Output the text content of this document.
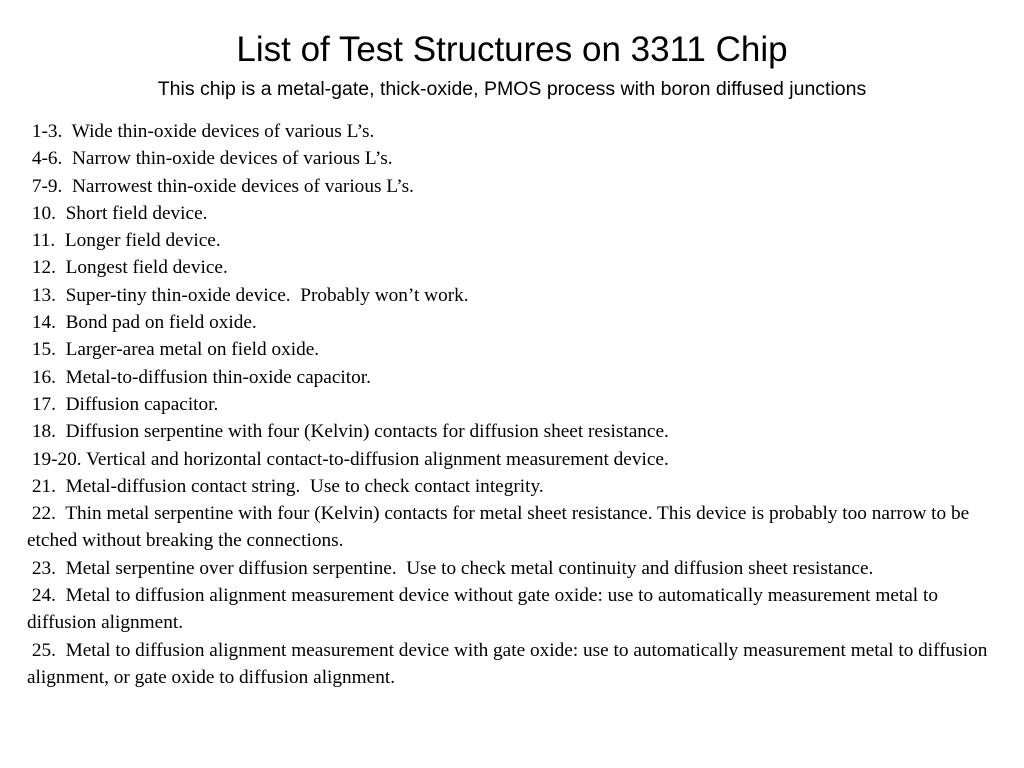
List of Test Structures on 3311 Chip
This chip is a metal-gate, thick-oxide, PMOS process with boron diffused junctions
1-3.  Wide thin-oxide devices of various L’s.
4-6.  Narrow thin-oxide devices of various L’s.
7-9.  Narrowest thin-oxide devices of various L’s.
10.  Short field device.
11.  Longer field device.
12.  Longest field device.
13.  Super-tiny thin-oxide device.  Probably won’t work.
14.  Bond pad on field oxide.
15.  Larger-area metal on field oxide.
16.  Metal-to-diffusion thin-oxide capacitor.
17.  Diffusion capacitor.
18.  Diffusion serpentine with four (Kelvin) contacts for diffusion sheet resistance.
19-20. Vertical and horizontal contact-to-diffusion alignment measurement device.
21.  Metal-diffusion contact string.  Use to check contact integrity.
22.  Thin metal serpentine with four (Kelvin) contacts for metal sheet resistance. This device is probably too narrow to be etched without breaking the connections.
23.  Metal serpentine over diffusion serpentine.  Use to check metal continuity and diffusion sheet resistance.
24.  Metal to diffusion alignment measurement device without gate oxide: use to automatically measurement metal to diffusion alignment.
25.  Metal to diffusion alignment measurement device with gate oxide: use to automatically measurement metal to diffusion alignment, or gate oxide to diffusion alignment.
